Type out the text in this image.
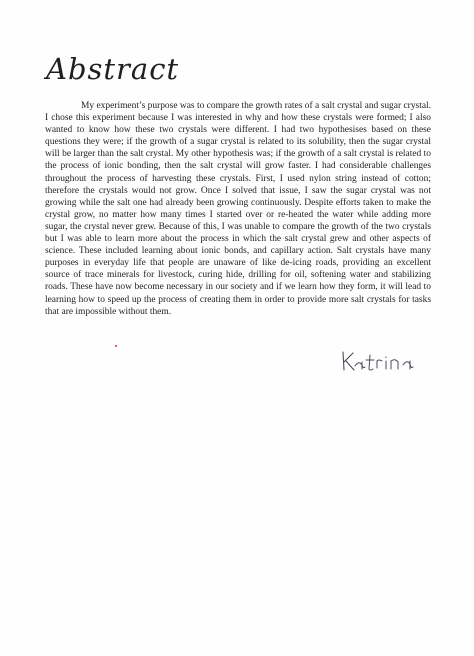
Abstract

My experiment’s purpose was to compare the growth rates of a salt crystal and sugar crystal. I chose this experiment because I was interested in why and how these crystals were formed; I also wanted to know how these two crystals were different. I had two hypothesises based on these questions they were; if the growth of a sugar crystal is related to its solubility, then the sugar crystal will be larger than the salt crystal. My other hypothesis was; if the growth of a salt crystal is related to the process of ionic bonding, then the salt crystal will grow faster. I had considerable challenges throughout the process of harvesting these crystals. First, I used nylon string instead of cotton; therefore the crystals would not grow. Once I solved that issue, I saw the sugar crystal was not growing while the salt one had already been growing continuously. Despite efforts taken to make the crystal grow, no matter how many times I started over or re-heated the water while adding more sugar, the crystal never grew. Because of this, I was unable to compare the growth of the two crystals but I was able to learn more about the process in which the salt crystal grew and other aspects of science. These included learning about ionic bonds, and capillary action. Salt crystals have many purposes in everyday life that people are unaware of like de-icing roads, providing an excellent source of trace minerals for livestock, curing hide, drilling for oil, softening water and stabilizing roads. These have now become necessary in our society and if we learn how they form, it will lead to learning how to speed up the process of creating them in order to provide more salt crystals for tasks that are impossible without them.

Katrina
